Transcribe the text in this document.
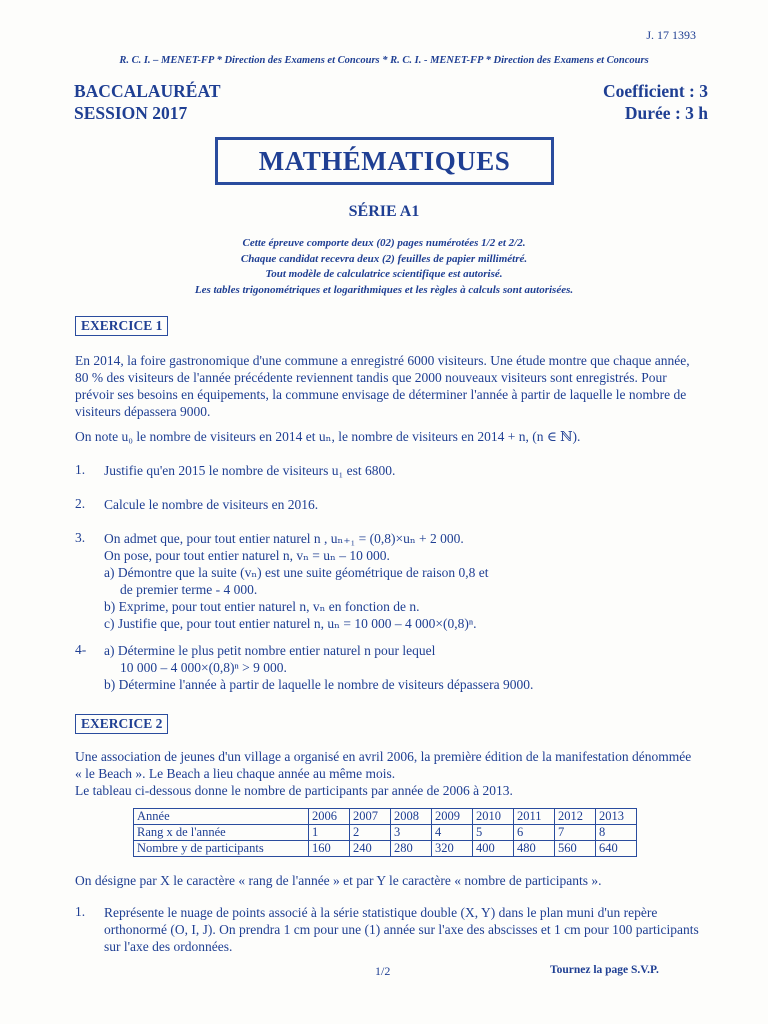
J. 17 1393
R. C. I. – MENET-FP * Direction des Examens et Concours * R. C. I. - MENET-FP * Direction des Examens et Concours
BACCALAURÉAT
SESSION 2017
Coefficient : 3
Durée : 3 h
MATHÉMATIQUES
SÉRIE A1
Cette épreuve comporte deux (02) pages numérotées 1/2 et 2/2.
Chaque candidat recevra deux (2) feuilles de papier millimétré.
Tout modèle de calculatrice scientifique est autorisé.
Les tables trigonométriques et logarithmiques et les règles à calculs sont autorisées.
EXERCICE 1
En 2014, la foire gastronomique d'une commune a enregistré 6000 visiteurs. Une étude montre que chaque année, 80 % des visiteurs de l'année précédente reviennent tandis que 2000 nouveaux visiteurs sont enregistrés. Pour prévoir ses besoins en équipements, la commune envisage de déterminer l'année à partir de laquelle le nombre de visiteurs dépassera 9000.
On note u₀ le nombre de visiteurs en 2014 et uₙ, le nombre de visiteurs en 2014 + n, (n ∈ ℕ).
1. Justifie qu'en 2015 le nombre de visiteurs u₁ est 6800.
2. Calcule le nombre de visiteurs en 2016.
3. On admet que, pour tout entier naturel n , uₙ₊₁ = (0,8)×uₙ + 2 000.
On pose, pour tout entier naturel n, vₙ = uₙ – 10 000.
a) Démontre que la suite (vₙ) est une suite géométrique de raison 0,8 et
de premier terme - 4 000.
b) Exprime, pour tout entier naturel n, vₙ en fonction de n.
c) Justifie que, pour tout entier naturel n, uₙ = 10 000 – 4 000×(0,8)ⁿ.
4- a) Détermine le plus petit nombre entier naturel n pour lequel
10 000 – 4 000×(0,8)ⁿ > 9 000.
b) Détermine l'année à partir de laquelle le nombre de visiteurs dépassera 9000.
EXERCICE 2
Une association de jeunes d'un village a organisé en avril 2006, la première édition de la manifestation dénommée « le Beach ». Le Beach a lieu chaque année au même mois.
Le tableau ci-dessous donne le nombre de participants par année de 2006 à 2013.
Année	2006	2007	2008	2009	2010	2011	2012	2013
Rang x de l'année	1	2	3	4	5	6	7	8
Nombre y de participants	160	240	280	320	400	480	560	640
On désigne par X le caractère « rang de l'année » et par Y le caractère « nombre de participants ».
1. Représente le nuage de points associé à la série statistique double (X, Y) dans le plan muni d'un repère orthonormé (O, I, J). On prendra 1 cm pour une (1) année sur l'axe des abscisses et 1 cm pour 100 participants sur l'axe des ordonnées.
1/2	Tournez la page S.V.P.
